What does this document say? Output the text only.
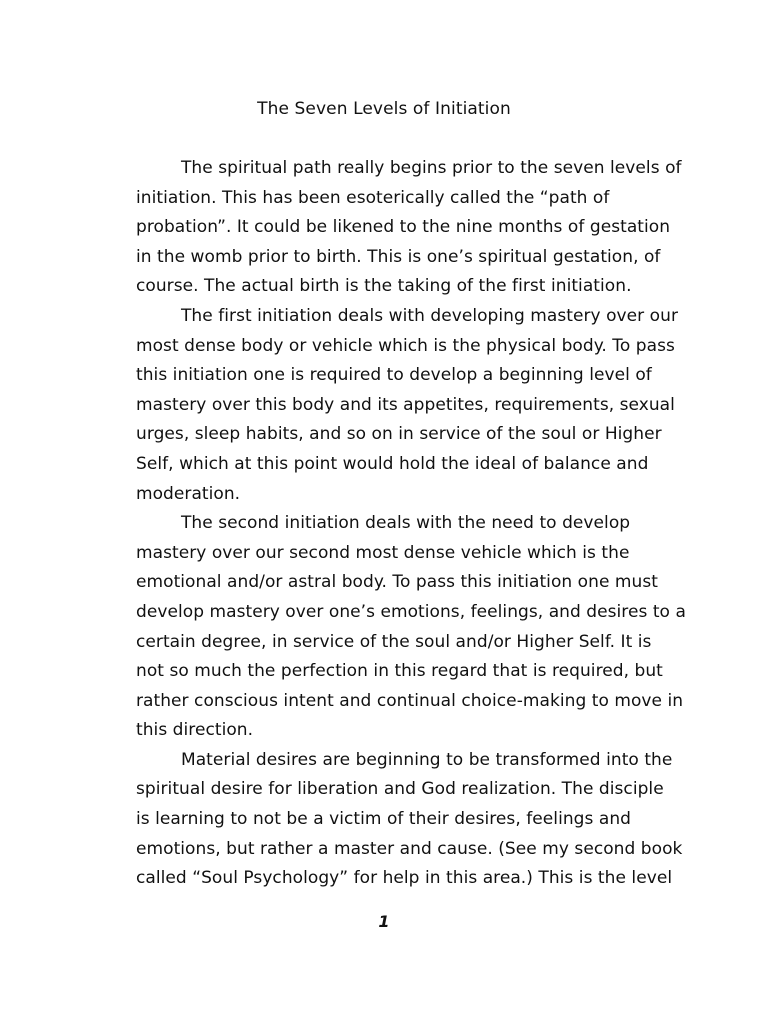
The Seven Levels of Initiation
The spiritual path really begins prior to the seven levels of
initiation. This has been esoterically called the “path of
probation”. It could be likened to the nine months of gestation
in the womb prior to birth. This is one’s spiritual gestation, of
course. The actual birth is the taking of the first initiation.
The first initiation deals with developing mastery over our
most dense body or vehicle which is the physical body. To pass
this initiation one is required to develop a beginning level of
mastery over this body and its appetites, requirements, sexual
urges, sleep habits, and so on in service of the soul or Higher
Self, which at this point would hold the ideal of balance and
moderation.
The second initiation deals with the need to develop
mastery over our second most dense vehicle which is the
emotional and/or astral body. To pass this initiation one must
develop mastery over one’s emotions, feelings, and desires to a
certain degree, in service of the soul and/or Higher Self. It is
not so much the perfection in this regard that is required, but
rather conscious intent and continual choice-making to move in
this direction.
Material desires are beginning to be transformed into the
spiritual desire for liberation and God realization. The disciple
is learning to not be a victim of their desires, feelings and
emotions, but rather a master and cause. (See my second book
called “Soul Psychology” for help in this area.) This is the level
1
